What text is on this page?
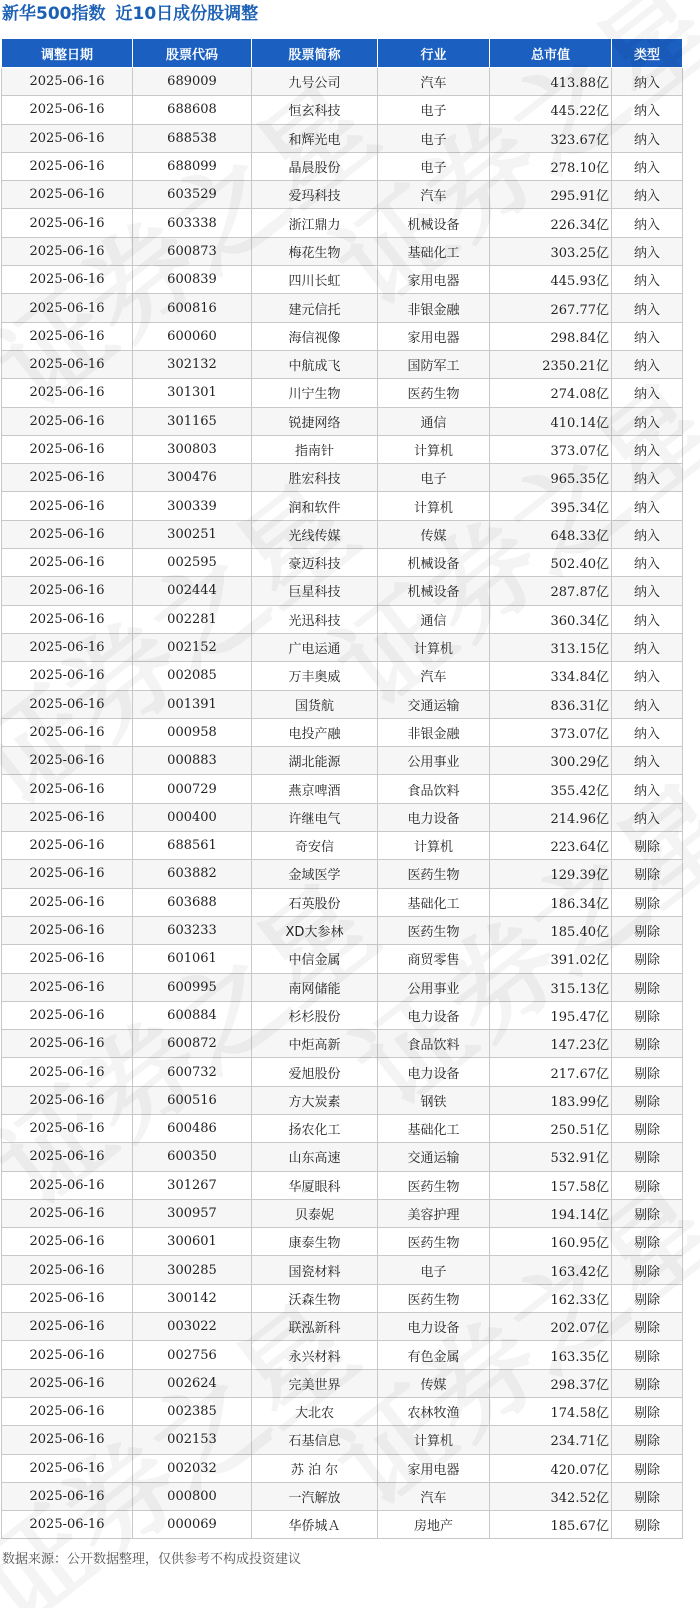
新华500指数 近10日成份股调整
调整日期	股票代码	股票简称	行业	总市值	类型
2025-06-16	689009	九号公司	汽车	413.88亿	纳入
2025-06-16	688608	恒玄科技	电子	445.22亿	纳入
2025-06-16	688538	和辉光电	电子	323.67亿	纳入
2025-06-16	688099	晶晨股份	电子	278.10亿	纳入
2025-06-16	603529	爱玛科技	汽车	295.91亿	纳入
2025-06-16	603338	浙江鼎力	机械设备	226.34亿	纳入
2025-06-16	600873	梅花生物	基础化工	303.25亿	纳入
2025-06-16	600839	四川长虹	家用电器	445.93亿	纳入
2025-06-16	600816	建元信托	非银金融	267.77亿	纳入
2025-06-16	600060	海信视像	家用电器	298.84亿	纳入
2025-06-16	302132	中航成飞	国防军工	2350.21亿	纳入
2025-06-16	301301	川宁生物	医药生物	274.08亿	纳入
2025-06-16	301165	锐捷网络	通信	410.14亿	纳入
2025-06-16	300803	指南针	计算机	373.07亿	纳入
2025-06-16	300476	胜宏科技	电子	965.35亿	纳入
2025-06-16	300339	润和软件	计算机	395.34亿	纳入
2025-06-16	300251	光线传媒	传媒	648.33亿	纳入
2025-06-16	002595	豪迈科技	机械设备	502.40亿	纳入
2025-06-16	002444	巨星科技	机械设备	287.87亿	纳入
2025-06-16	002281	光迅科技	通信	360.34亿	纳入
2025-06-16	002152	广电运通	计算机	313.15亿	纳入
2025-06-16	002085	万丰奥威	汽车	334.84亿	纳入
2025-06-16	001391	国货航	交通运输	836.31亿	纳入
2025-06-16	000958	电投产融	非银金融	373.07亿	纳入
2025-06-16	000883	湖北能源	公用事业	300.29亿	纳入
2025-06-16	000729	燕京啤酒	食品饮料	355.42亿	纳入
2025-06-16	000400	许继电气	电力设备	214.96亿	纳入
2025-06-16	688561	奇安信	计算机	223.64亿	剔除
2025-06-16	603882	金域医学	医药生物	129.39亿	剔除
2025-06-16	603688	石英股份	基础化工	186.34亿	剔除
2025-06-16	603233	XD大参林	医药生物	185.40亿	剔除
2025-06-16	601061	中信金属	商贸零售	391.02亿	剔除
2025-06-16	600995	南网储能	公用事业	315.13亿	剔除
2025-06-16	600884	杉杉股份	电力设备	195.47亿	剔除
2025-06-16	600872	中炬高新	食品饮料	147.23亿	剔除
2025-06-16	600732	爱旭股份	电力设备	217.67亿	剔除
2025-06-16	600516	方大炭素	钢铁	183.99亿	剔除
2025-06-16	600486	扬农化工	基础化工	250.51亿	剔除
2025-06-16	600350	山东高速	交通运输	532.91亿	剔除
2025-06-16	301267	华厦眼科	医药生物	157.58亿	剔除
2025-06-16	300957	贝泰妮	美容护理	194.14亿	剔除
2025-06-16	300601	康泰生物	医药生物	160.95亿	剔除
2025-06-16	300285	国瓷材料	电子	163.42亿	剔除
2025-06-16	300142	沃森生物	医药生物	162.33亿	剔除
2025-06-16	003022	联泓新科	电力设备	202.07亿	剔除
2025-06-16	002756	永兴材料	有色金属	163.35亿	剔除
2025-06-16	002624	完美世界	传媒	298.37亿	剔除
2025-06-16	002385	大北农	农林牧渔	174.58亿	剔除
2025-06-16	002153	石基信息	计算机	234.71亿	剔除
2025-06-16	002032	苏 泊 尔	家用电器	420.07亿	剔除
2025-06-16	000800	一汽解放	汽车	342.52亿	剔除
2025-06-16	000069	华侨城Ａ	房地产	185.67亿	剔除
数据来源：公开数据整理，仅供参考不构成投资建议
